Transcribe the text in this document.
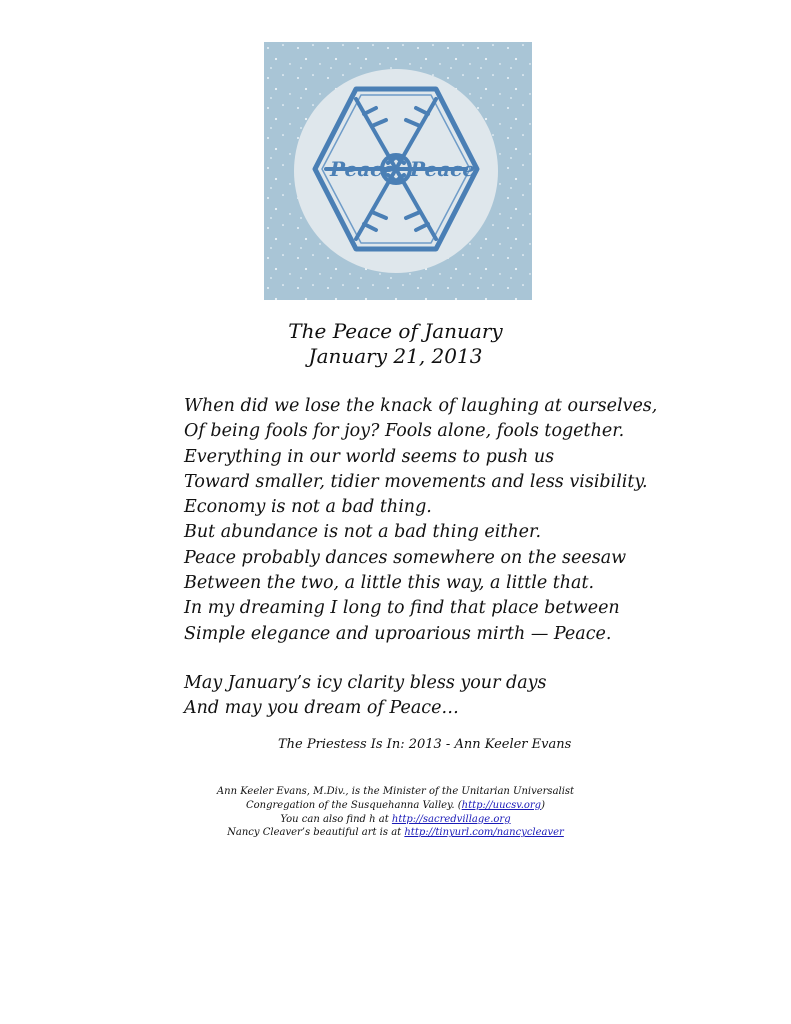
Peace Peace
The Peace of January
January 21, 2013
When did we lose the knack of laughing at ourselves,
Of being fools for joy? Fools alone, fools together.
Everything in our world seems to push us
Toward smaller, tidier movements and less visibility.
Economy is not a bad thing.
But abundance is not a bad thing either.
Peace probably dances somewhere on the seesaw
Between the two, a little this way, a little that.
In my dreaming I long to find that place between
Simple elegance and uproarious mirth — Peace.
May January’s icy clarity bless your days
And may you dream of Peace…
The Priestess Is In: 2013 - Ann Keeler Evans
Ann Keeler Evans, M.Div., is the Minister of the Unitarian Universalist
Congregation of the Susquehanna Valley. (http://uucsv.org)
You can also find h at http://sacredvillage.org
Nancy Cleaver’s beautiful art is at http://tinyurl.com/nancycleaver
